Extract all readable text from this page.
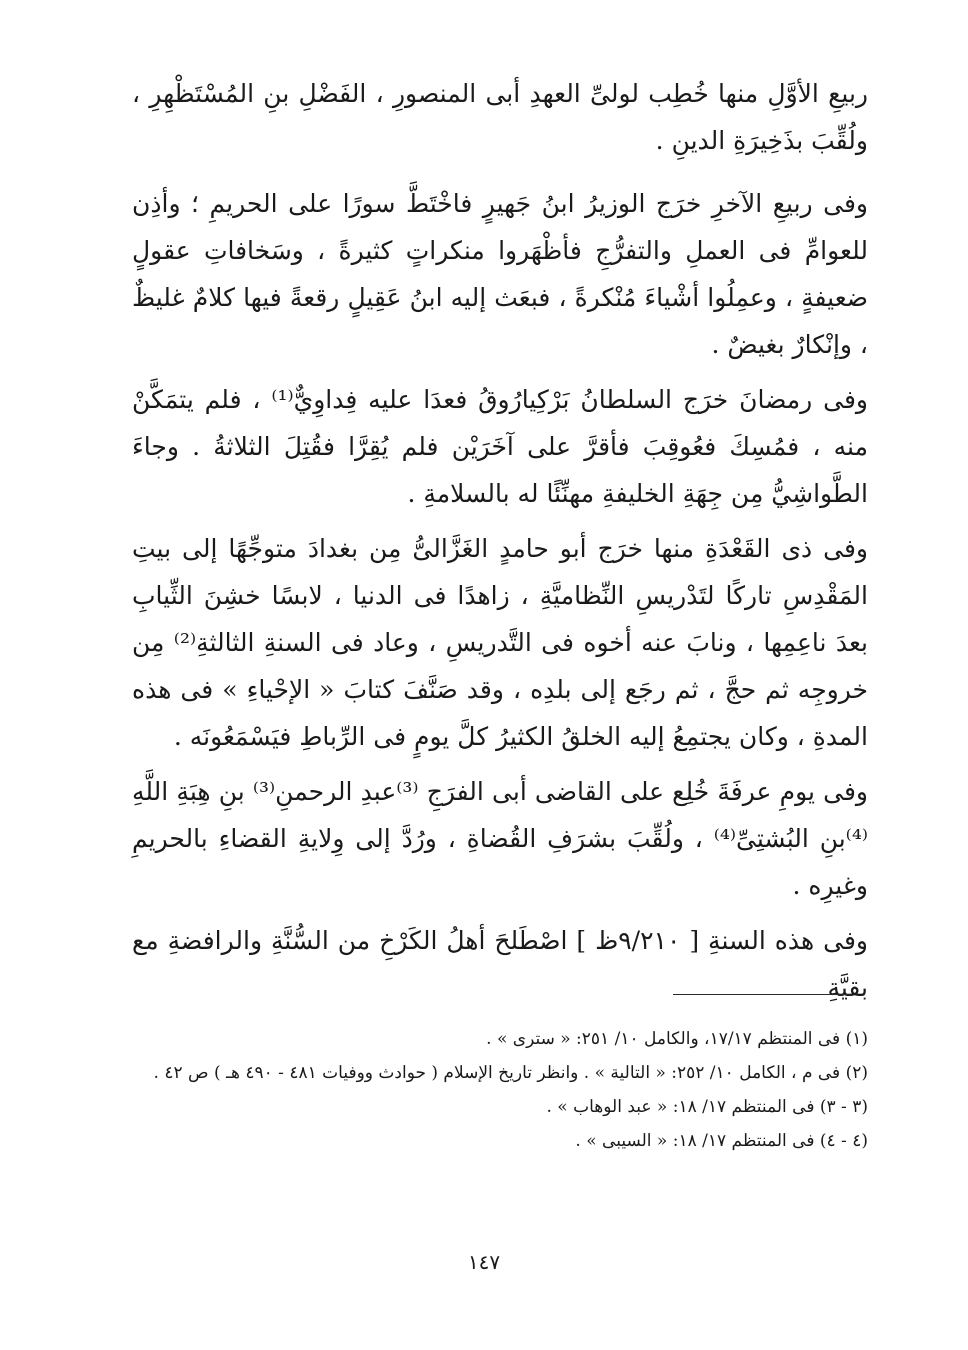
ربيعِ الأوَّلِ منها خُطِب لولىِّ العهدِ أبى المنصورِ ، الفَضْلِ بنِ المُسْتَظْهِرِ ، ولُقِّبَ بذَخِيرَةِ الدينِ .

وفى ربيعِ الآخرِ خرَج الوزيرُ ابنُ جَهيرٍ فاخْتَطَّ سورًا على الحريمِ ؛ وأذِن للعوامِّ فى العملِ والتفرُّجِ فأظْهَروا منكراتٍ كثيرةً ، وسَخافاتِ عقولٍ ضعيفةٍ ، وعمِلُوا أشْياءَ مُنْكرةً ، فبعَث إليه ابنُ عَقِيلٍ رقعةً فيها كلامٌ غليظٌ ، وإنْكارٌ بغيضٌ .

وفى رمضانَ خرَج السلطانُ بَرْكِيارُوقُ فعدَا عليه فِداوِيٌّ⁽¹⁾ ، فلم يتمَكَّنْ منه ، فمُسِكَ فعُوقِبَ فأقرَّ على آخَرَيْن فلم يُقِرَّا فقُتِلَ الثلاثةُ . وجاءَ الطَّواشِيُّ مِن جِهَةِ الخليفةِ مهنِّئًا له بالسلامةِ .

وفى ذى القَعْدَةِ منها خرَج أبو حامدٍ الغَزَّالىُّ مِن بغدادَ متوجِّهًا إلى بيتِ المَقْدِسِ تاركًا لتَدْريسِ النِّظاميَّةِ ، زاهدًا فى الدنيا ، لابسًا خشِنَ الثِّيابِ بعدَ ناعِمِها ، ونابَ عنه أخوه فى التَّدريسِ ، وعاد فى السنةِ الثالثةِ⁽²⁾ مِن خروجِه ثم حجَّ ، ثم رجَع إلى بلدِه ، وقد صَنَّفَ كتابَ « الإحْياءِ » فى هذه المدةِ ، وكان يجتمِعُ إليه الخلقُ الكثيرُ كلَّ يومٍ فى الرِّباطِ فيَسْمَعُونَه .

وفى يومِ عرفَةَ خُلِع على القاضى أبى الفرَجِ ⁽³⁾عبدِ الرحمنِ⁽³⁾ بنِ هِبَةِ اللَّهِ ⁽⁴⁾بنِ البُشتِىِّ⁽⁴⁾ ، ولُقِّبَ بشرَفِ القُضاةِ ، ورُدَّ إلى وِلايةِ القضاءِ بالحريمِ وغيرِه .

وفى هذه السنةِ [ ٩/٢١٠ظ ] اصْطَلحَ أهلُ الكَرْخِ من السُّنَّةِ والرافضةِ مع بقيَّةِ

(١) فى المنتظم ١٧/١٧، والكامل ١٠/ ٢٥١: « سترى » .

(٢) فى م ، الكامل ١٠/ ٢٥٢: « التالية » . وانظر تاريخ الإسلام ( حوادث ووفيات ٤٨١ - ٤٩٠ هـ ) ص ٤٢ .

(٣ - ٣) فى المنتظم ١٧/ ١٨: « عبد الوهاب » .

(٤ - ٤) فى المنتظم ١٧/ ١٨: « السيبى » .

١٤٧
